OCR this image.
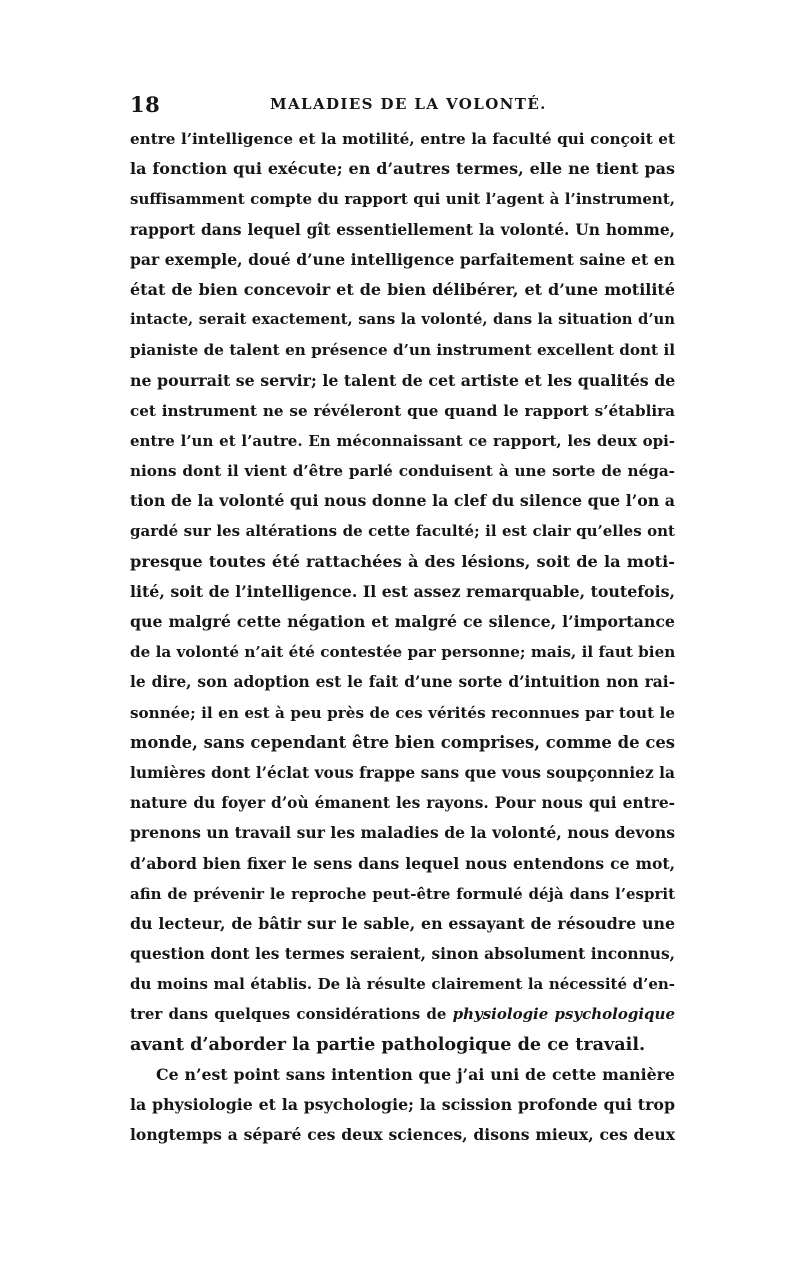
18	MALADIES DE LA VOLONTÉ.
entre l’intelligence et la motilité, entre la faculté qui conçoit et
la fonction qui exécute; en d’autres termes, elle ne tient pas
suffisamment compte du rapport qui unit l’agent à l’instrument,
rapport dans lequel gît essentiellement la volonté. Un homme,
par exemple, doué d’une intelligence parfaitement saine et en
état de bien concevoir et de bien délibérer, et d’une motilité
intacte, serait exactement, sans la volonté, dans la situation d’un
pianiste de talent en présence d’un instrument excellent dont il
ne pourrait se servir; le talent de cet artiste et les qualités de
cet instrument ne se révéleront que quand le rapport s’établira
entre l’un et l’autre. En méconnaissant ce rapport, les deux opi-
nions dont il vient d’être parlé conduisent à une sorte de néga-
tion de la volonté qui nous donne la clef du silence que l’on a
gardé sur les altérations de cette faculté; il est clair qu’elles ont
presque toutes été rattachées à des lésions, soit de la moti-
lité, soit de l’intelligence. Il est assez remarquable, toutefois,
que malgré cette négation et malgré ce silence, l’importance
de la volonté n’ait été contestée par personne; mais, il faut bien
le dire, son adoption est le fait d’une sorte d’intuition non rai-
sonnée; il en est à peu près de ces vérités reconnues par tout le
monde, sans cependant être bien comprises, comme de ces
lumières dont l’éclat vous frappe sans que vous soupçonniez la
nature du foyer d’où émanent les rayons. Pour nous qui entre-
prenons un travail sur les maladies de la volonté, nous devons
d’abord bien fixer le sens dans lequel nous entendons ce mot,
afin de prévenir le reproche peut-être formulé déjà dans l’esprit
du lecteur, de bâtir sur le sable, en essayant de résoudre une
question dont les termes seraient, sinon absolument inconnus,
du moins mal établis. De là résulte clairement la nécessité d’en-
trer dans quelques considérations de physiologie psychologique
avant d’aborder la partie pathologique de ce travail.
Ce n’est point sans intention que j’ai uni de cette manière
la physiologie et la psychologie; la scission profonde qui trop
longtemps a séparé ces deux sciences, disons mieux, ces deux
